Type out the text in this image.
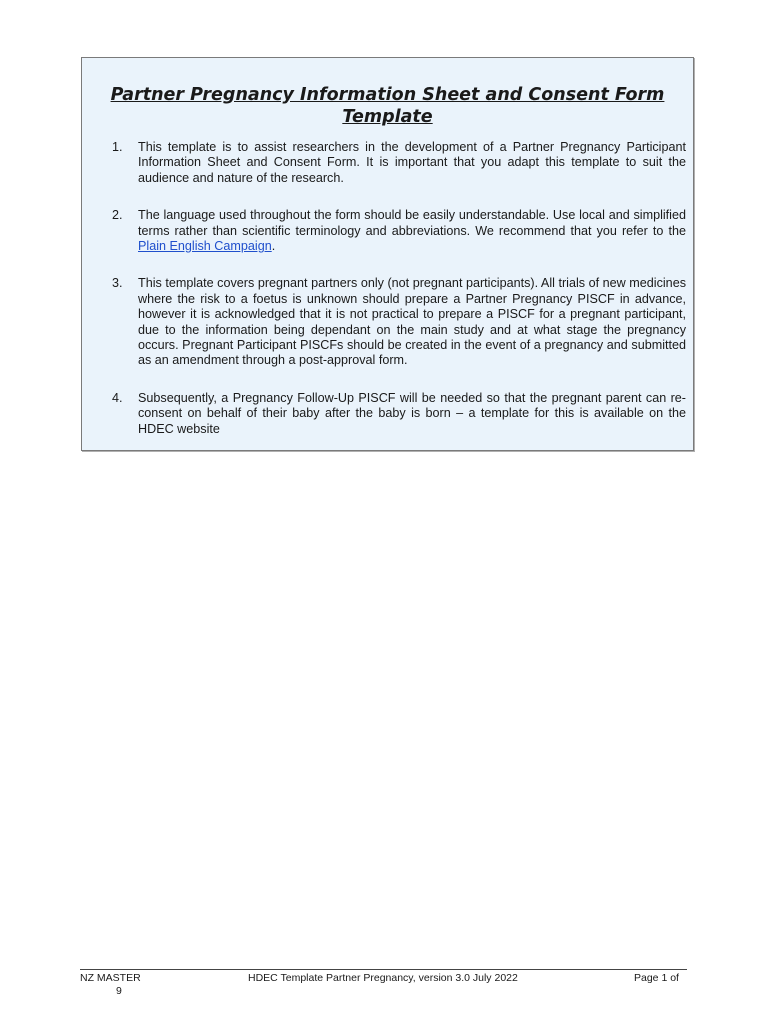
Partner Pregnancy Information Sheet and Consent Form Template
1. This template is to assist researchers in the development of a Partner Pregnancy Participant Information Sheet and Consent Form. It is important that you adapt this template to suit the audience and nature of the research.
2. The language used throughout the form should be easily understandable. Use local and simplified terms rather than scientific terminology and abbreviations. We recommend that you refer to the Plain English Campaign.
3. This template covers pregnant partners only (not pregnant participants). All trials of new medicines where the risk to a foetus is unknown should prepare a Partner Pregnancy PISCF in advance, however it is acknowledged that it is not practical to prepare a PISCF for a pregnant participant, due to the information being dependant on the main study and at what stage the pregnancy occurs. Pregnant Participant PISCFs should be created in the event of a pregnancy and submitted as an amendment through a post-approval form.
4. Subsequently, a Pregnancy Follow-Up PISCF will be needed so that the pregnant parent can re-consent on behalf of their baby after the baby is born – a template for this is available on the HDEC website
NZ MASTER
9
HDEC Template Partner Pregnancy, version 3.0 July 2022	Page 1 of
